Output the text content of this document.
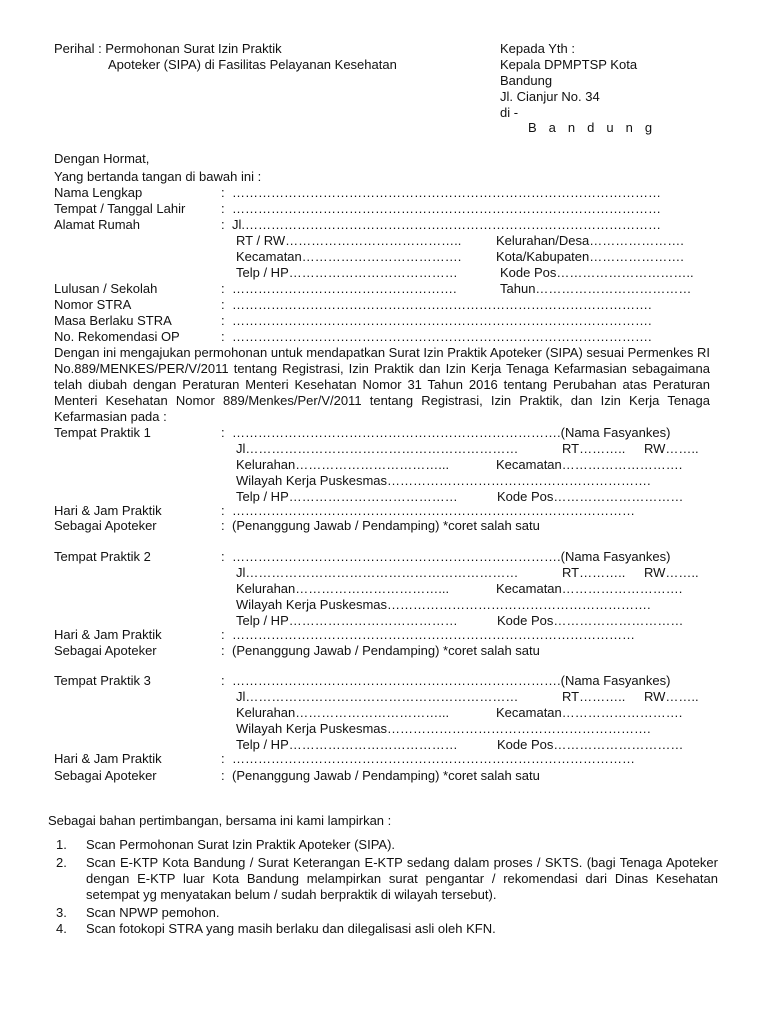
Perihal : Permohonan Surat Izin Praktik
Apoteker (SIPA) di Fasilitas Pelayanan Kesehatan
Kepada Yth :
Kepala DPMPTSP Kota
Bandung
Jl. Cianjur No. 34
di -
B a n d u n g
Dengan Hormat,
Yang bertanda tangan di bawah ini :
Nama Lengkap	: ………………………………………………………………………………………
Tempat / Tanggal Lahir	: ………………………………………………………………………………………
Alamat Rumah	: Jl.……………………………………………………………………………………
RT / RW…………………………………..	Kelurahan/Desa………………….
Kecamatan……………………………….	Kota/Kabupaten………………….
Telp / HP…………………………………	Kode Pos…………………………..
Lulusan / Sekolah	: …………………………………………….	Tahun………………………………
Nomor STRA	: …………………………………………………………………………………….
Masa Berlaku STRA	: …………………………………………………………………………………….
No. Rekomendasi OP	: …………………………………………………………………………………….

Dengan ini mengajukan permohonan untuk mendapatkan Surat Izin Praktik Apoteker (SIPA) sesuai Permenkes RI No.889/MENKES/PER/V/2011 tentang Registrasi, Izin Praktik dan Izin Kerja Tenaga Kefarmasian sebagaimana telah diubah dengan Peraturan Menteri Kesehatan Nomor 31 Tahun 2016 tentang Perubahan atas Peraturan Menteri Kesehatan Nomor 889/Menkes/Per/V/2011 tentang Registrasi, Izin Praktik, dan Izin Kerja Tenaga Kefarmasian pada :

Tempat Praktik 1	: ………………………………………………………………….(Nama Fasyankes)
Jl………………………………………………………	RT……….. RW……..
Kelurahan……………………………...	Kecamatan……………………….
Wilayah Kerja Puskesmas…………………………………………………….
Telp / HP…………………………………	Kode Pos…………………………
Hari & Jam Praktik	: …………………………………………………………………………………
Sebagai Apoteker	: (Penanggung Jawab / Pendamping) *coret salah satu
Tempat Praktik 2	: ………………………………………………………………….(Nama Fasyankes)
Jl………………………………………………………	RT……….. RW……..
Kelurahan……………………………...	Kecamatan……………………….
Wilayah Kerja Puskesmas…………………………………………………….
Telp / HP…………………………………	Kode Pos…………………………
Hari & Jam Praktik	: …………………………………………………………………………………
Sebagai Apoteker	: (Penanggung Jawab / Pendamping) *coret salah satu
Tempat Praktik 3	: ………………………………………………………………….(Nama Fasyankes)
Jl………………………………………………………	RT……….. RW……..
Kelurahan……………………………...	Kecamatan……………………….
Wilayah Kerja Puskesmas…………………………………………………….
Telp / HP…………………………………	Kode Pos…………………………
Hari & Jam Praktik	: …………………………………………………………………………………
Sebagai Apoteker	: (Penanggung Jawab / Pendamping) *coret salah satu
Sebagai bahan pertimbangan, bersama ini kami lampirkan :
1. Scan Permohonan Surat Izin Praktik Apoteker (SIPA).
2. Scan E-KTP Kota Bandung / Surat Keterangan E-KTP sedang dalam proses / SKTS. (bagi Tenaga Apoteker dengan E-KTP luar Kota Bandung melampirkan surat pengantar / rekomendasi dari Dinas Kesehatan setempat yg menyatakan belum / sudah berpraktik di wilayah tersebut).
3. Scan NPWP pemohon.
4. Scan fotokopi STRA yang masih berlaku dan dilegalisasi asli oleh KFN.
